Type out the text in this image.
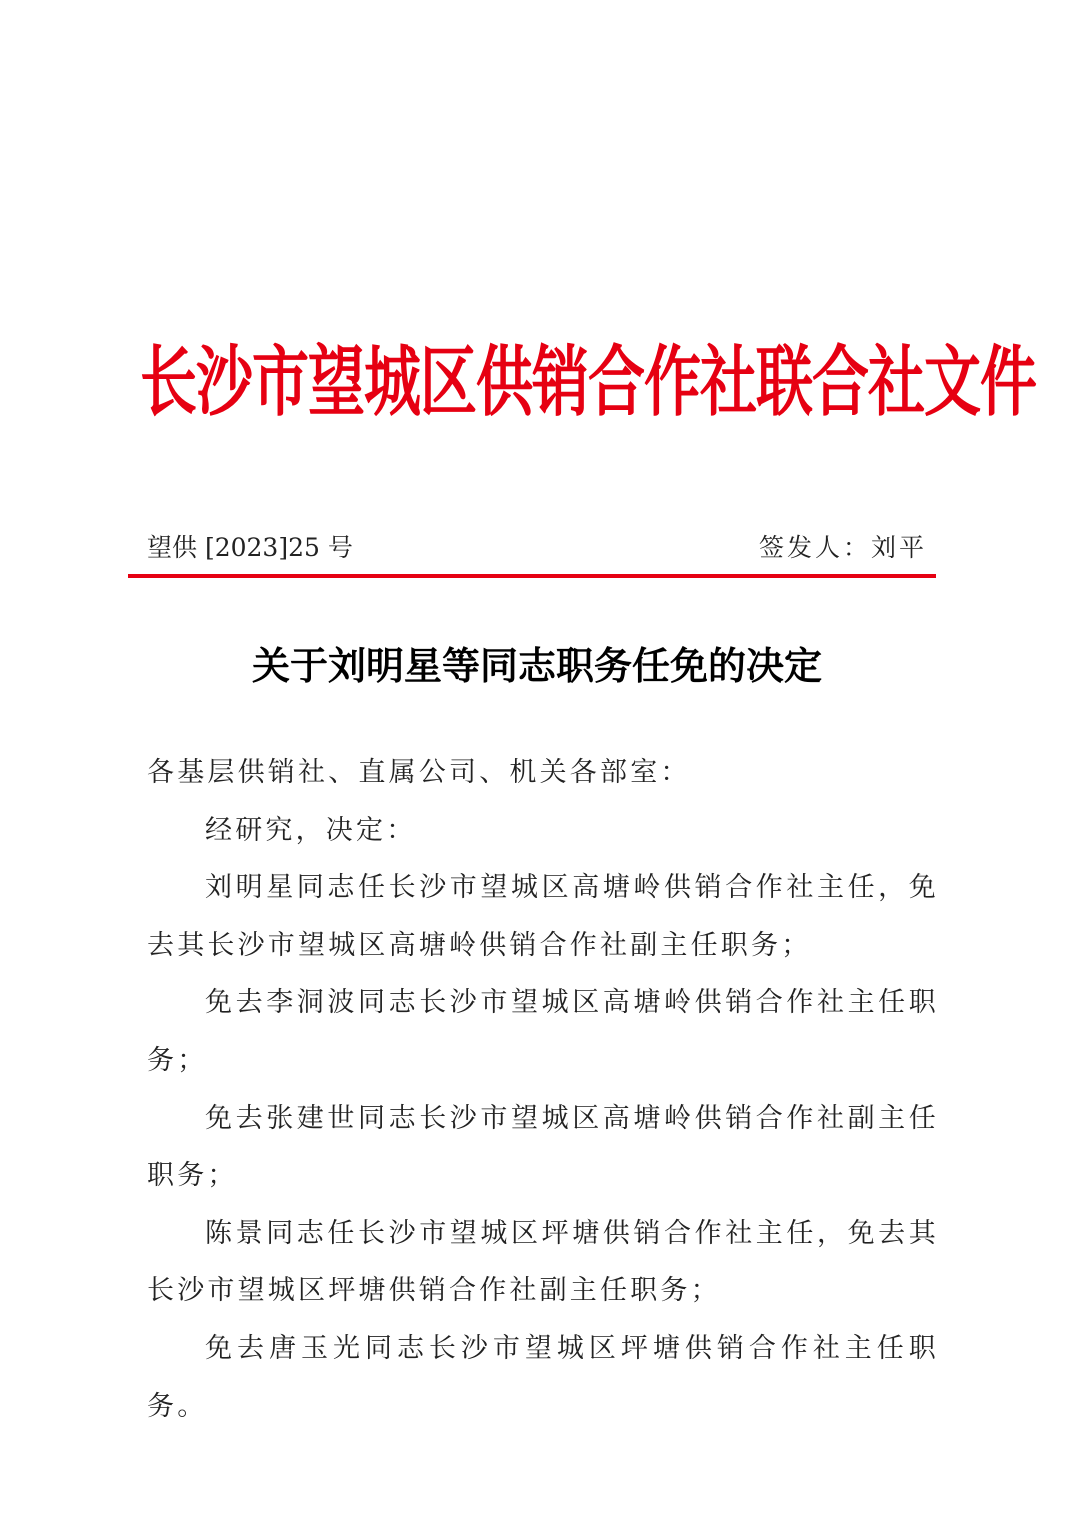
长沙市望城区供销合作社联合社文件
望供 [2023]25 号	签发人：刘平
关于刘明星等同志职务任免的决定

各基层供销社、直属公司、机关各部室：

经研究，决定：

刘明星同志任长沙市望城区高塘岭供销合作社主任，免去其长沙市望城区高塘岭供销合作社副主任职务；

免去李洞波同志长沙市望城区高塘岭供销合作社主任职务；

免去张建世同志长沙市望城区高塘岭供销合作社副主任职务；

陈景同志任长沙市望城区坪塘供销合作社主任，免去其长沙市望城区坪塘供销合作社副主任职务；

免去唐玉光同志长沙市望城区坪塘供销合作社主任职务。
